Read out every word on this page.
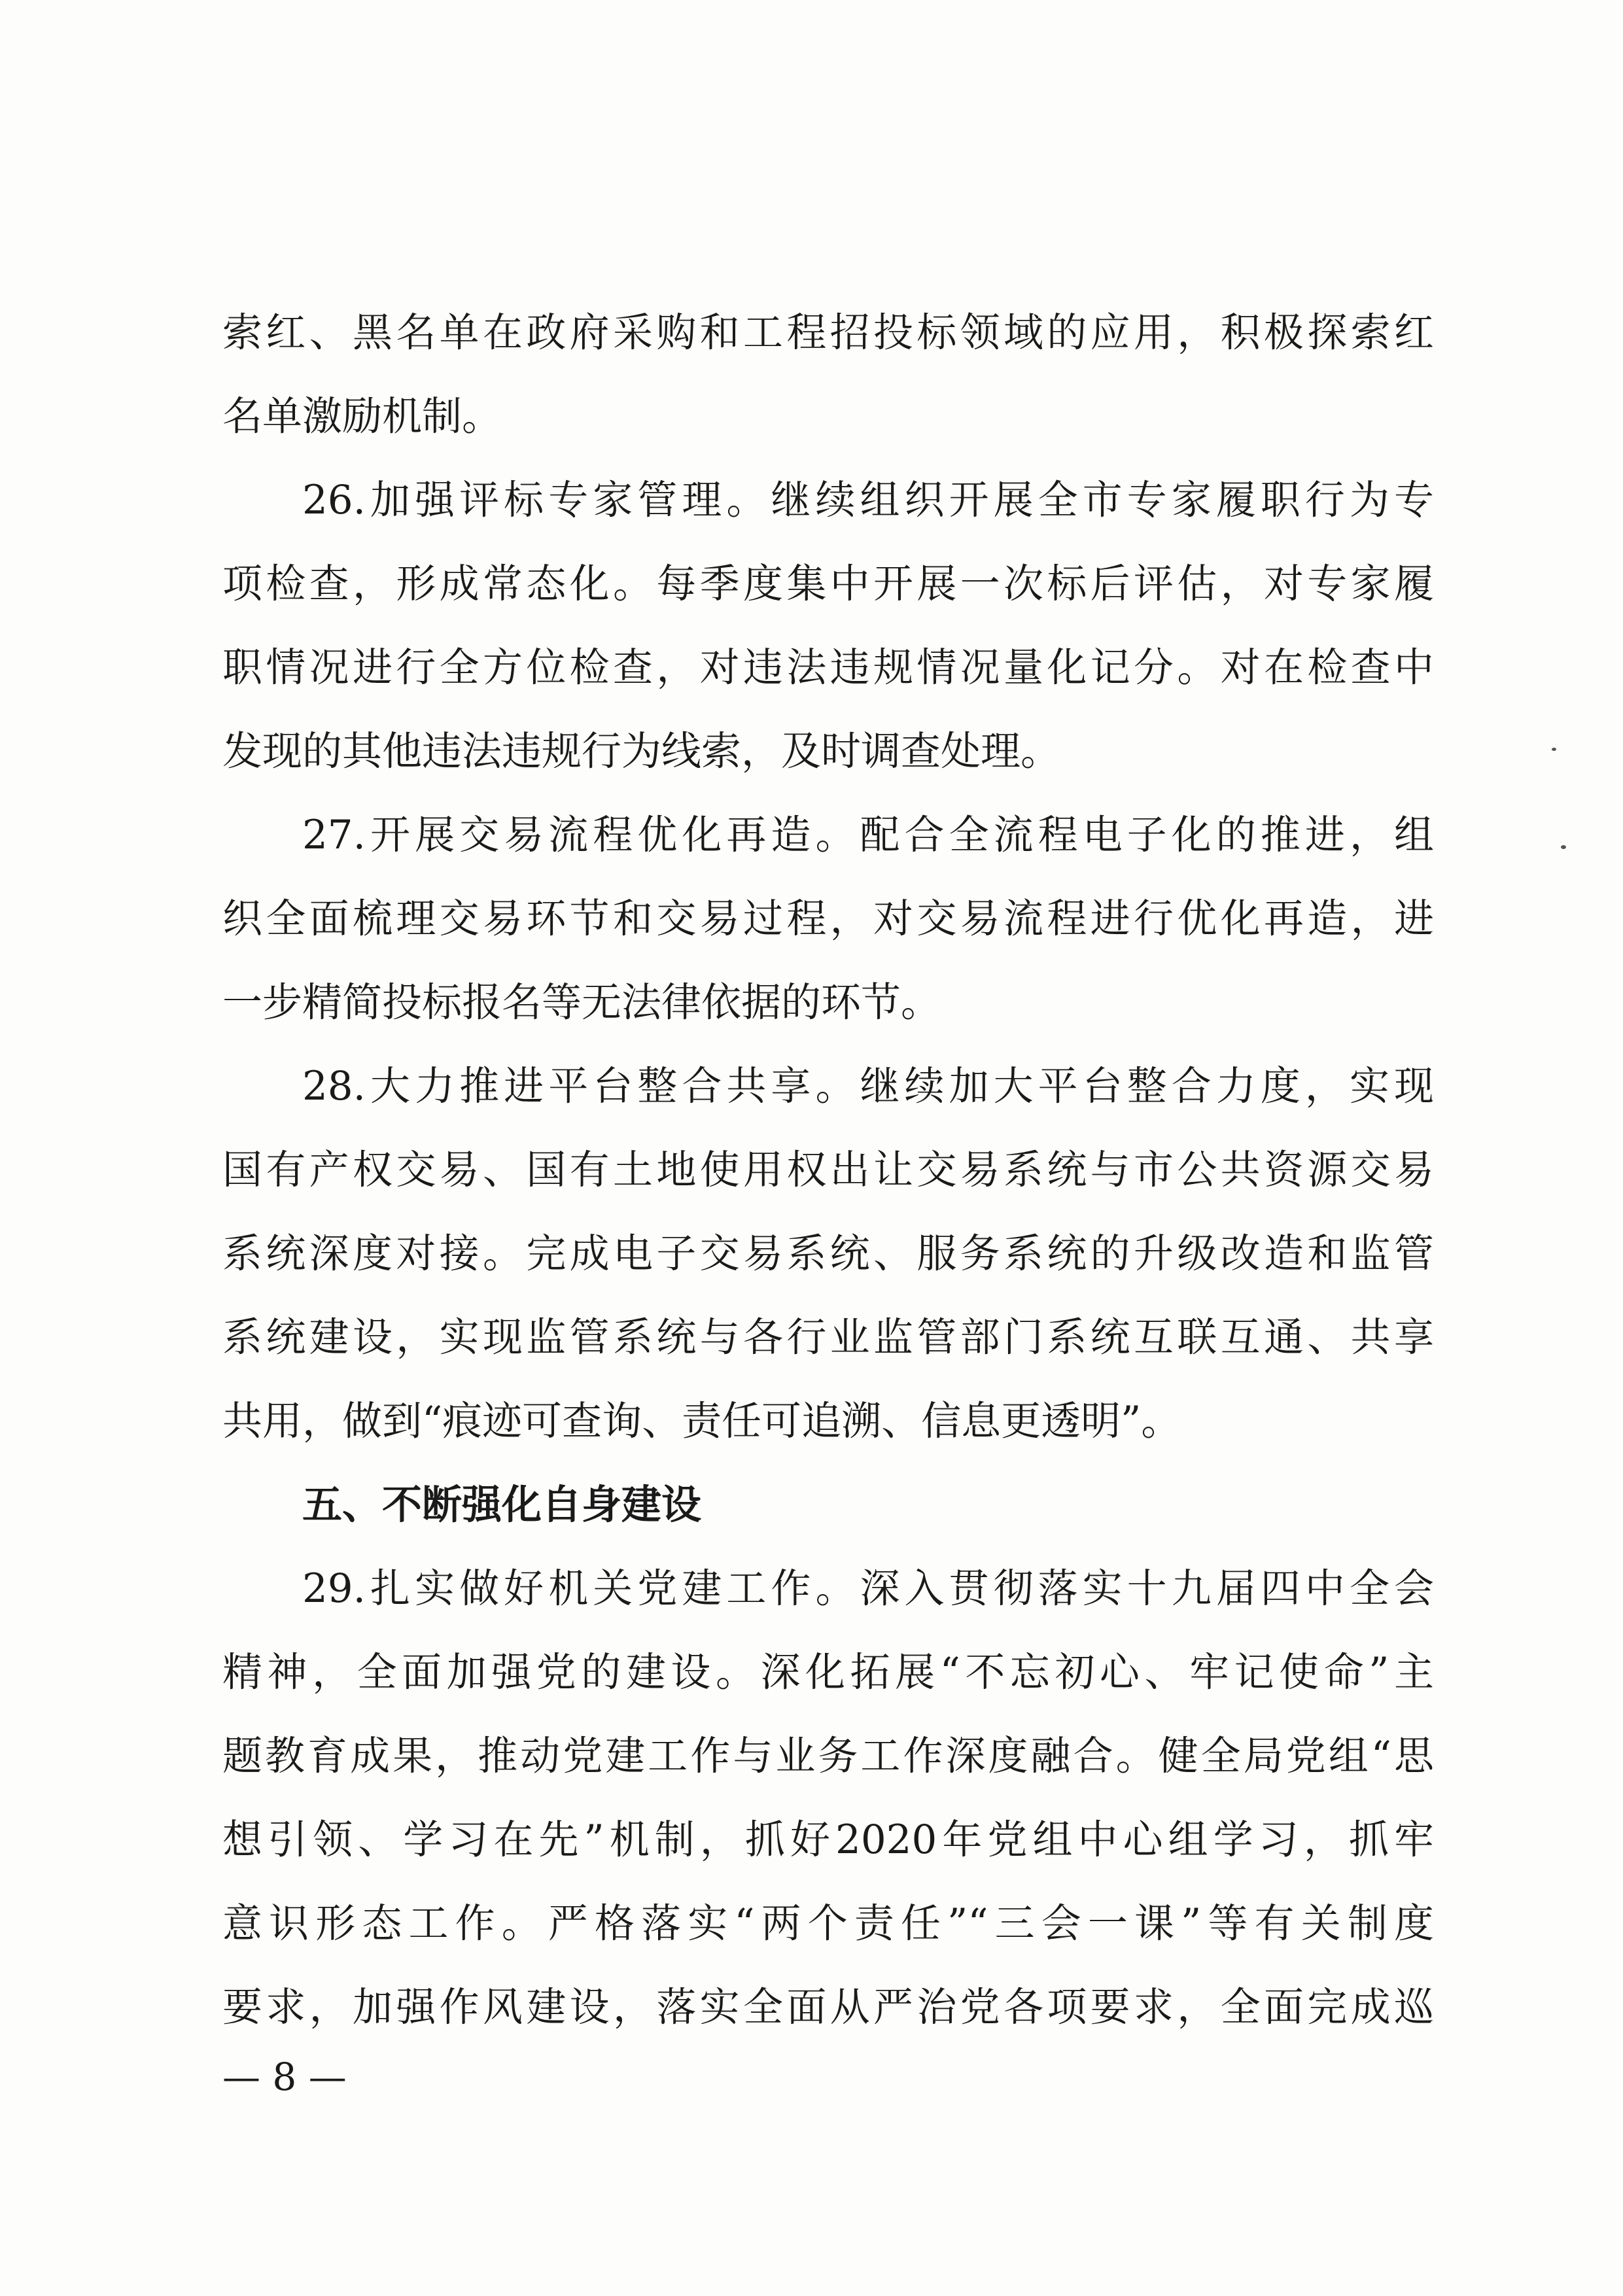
索红、黑名单在政府采购和工程招投标领域的应用，积极探索红
名单激励机制。
26.加强评标专家管理。继续组织开展全市专家履职行为专
项检查，形成常态化。每季度集中开展一次标后评估，对专家履
职情况进行全方位检查，对违法违规情况量化记分。对在检查中
发现的其他违法违规行为线索，及时调查处理。
27.开展交易流程优化再造。配合全流程电子化的推进，组
织全面梳理交易环节和交易过程，对交易流程进行优化再造，进
一步精简投标报名等无法律依据的环节。
28.大力推进平台整合共享。继续加大平台整合力度，实现
国有产权交易、国有土地使用权出让交易系统与市公共资源交易
系统深度对接。完成电子交易系统、服务系统的升级改造和监管
系统建设，实现监管系统与各行业监管部门系统互联互通、共享
共用，做到“痕迹可查询、责任可追溯、信息更透明”。
五、不断强化自身建设
29.扎实做好机关党建工作。深入贯彻落实十九届四中全会
精神，全面加强党的建设。深化拓展“不忘初心、牢记使命”主
题教育成果，推动党建工作与业务工作深度融合。健全局党组“思
想引领、学习在先”机制，抓好2020年党组中心组学习，抓牢
意识形态工作。严格落实“两个责任”“三会一课”等有关制度
要求，加强作风建设，落实全面从严治党各项要求，全面完成巡
— 8 —
